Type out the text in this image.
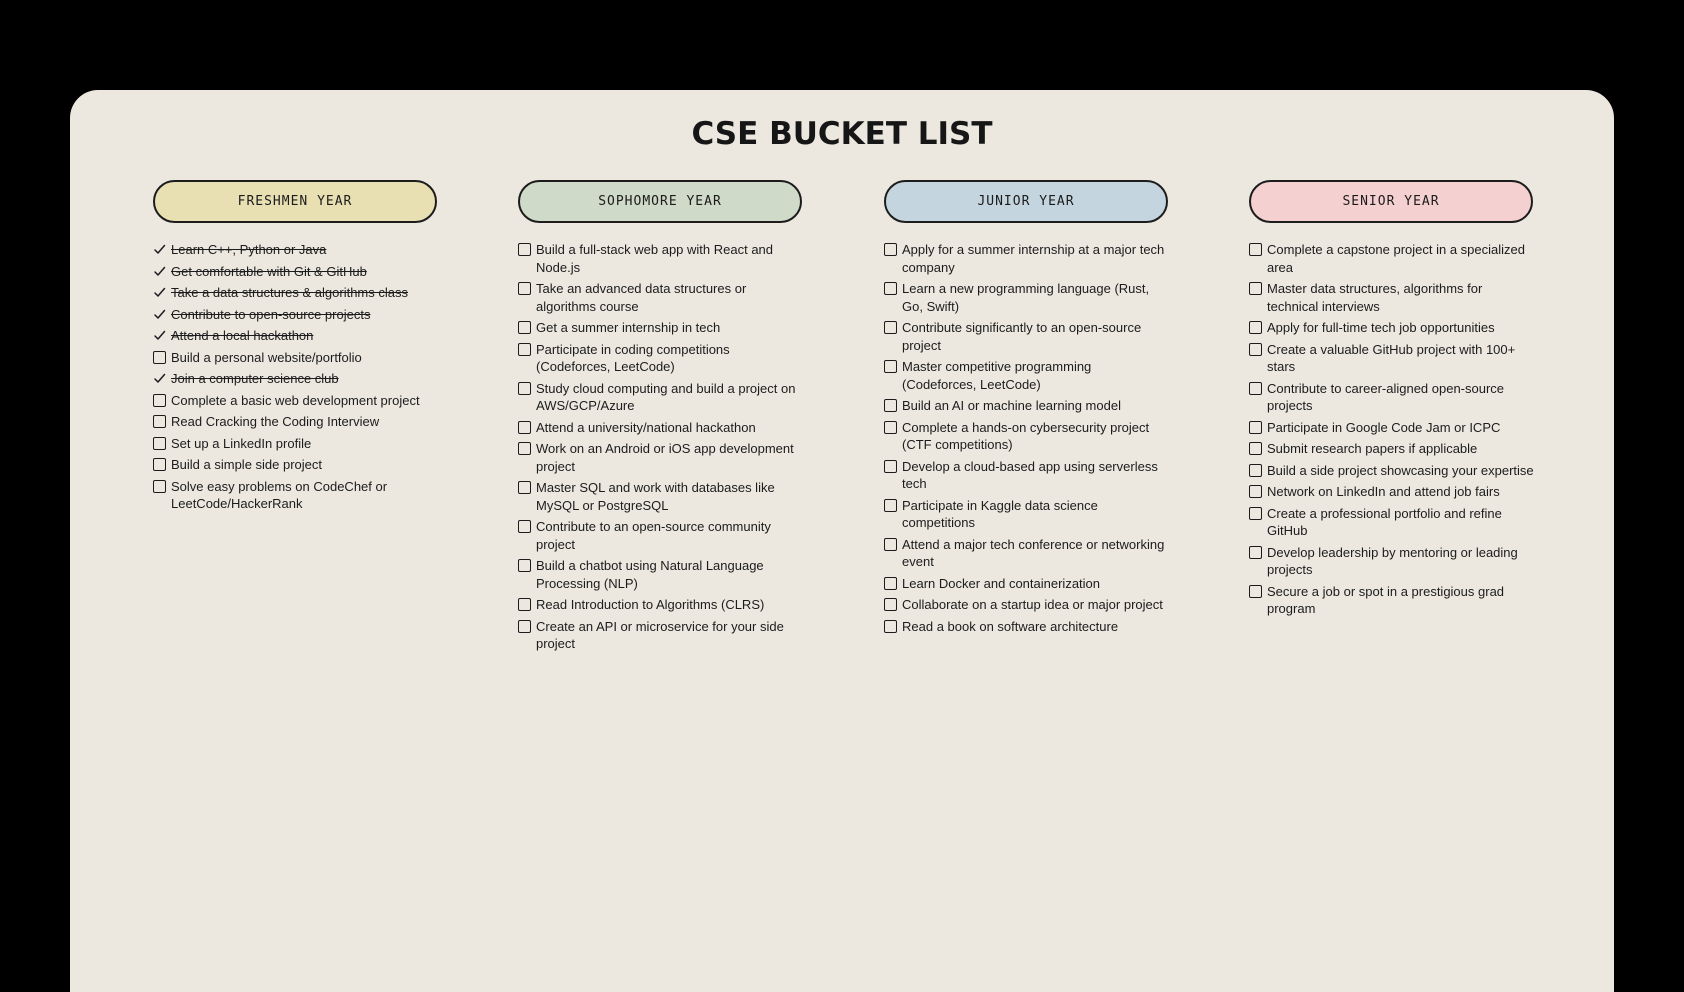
CSE BUCKET LIST
FRESHMEN YEAR
Learn C++, Python or Java
Get comfortable with Git & GitHub
Take a data structures & algorithms class
Contribute to open-source projects
Attend a local hackathon
Build a personal website/portfolio
Join a computer science club
Complete a basic web development project
Read Cracking the Coding Interview
Set up a LinkedIn profile
Build a simple side project
Solve easy problems on CodeChef or LeetCode/HackerRank
SOPHOMORE YEAR
Build a full-stack web app with React and Node.js
Take an advanced data structures or algorithms course
Get a summer internship in tech
Participate in coding competitions (Codeforces, LeetCode)
Study cloud computing and build a project on AWS/GCP/Azure
Attend a university/national hackathon
Work on an Android or iOS app development project
Master SQL and work with databases like MySQL or PostgreSQL
Contribute to an open-source community project
Build a chatbot using Natural Language Processing (NLP)
Read Introduction to Algorithms (CLRS)
Create an API or microservice for your side project
JUNIOR YEAR
Apply for a summer internship at a major tech company
Learn a new programming language (Rust, Go, Swift)
Contribute significantly to an open-source project
Master competitive programming (Codeforces, LeetCode)
Build an AI or machine learning model
Complete a hands-on cybersecurity project (CTF competitions)
Develop a cloud-based app using serverless tech
Participate in Kaggle data science competitions
Attend a major tech conference or networking event
Learn Docker and containerization
Collaborate on a startup idea or major project
Read a book on software architecture
SENIOR YEAR
Complete a capstone project in a specialized area
Master data structures, algorithms for technical interviews
Apply for full-time tech job opportunities
Create a valuable GitHub project with 100+ stars
Contribute to career-aligned open-source projects
Participate in Google Code Jam or ICPC
Submit research papers if applicable
Build a side project showcasing your expertise
Network on LinkedIn and attend job fairs
Create a professional portfolio and refine GitHub
Develop leadership by mentoring or leading projects
Secure a job or spot in a prestigious grad program
